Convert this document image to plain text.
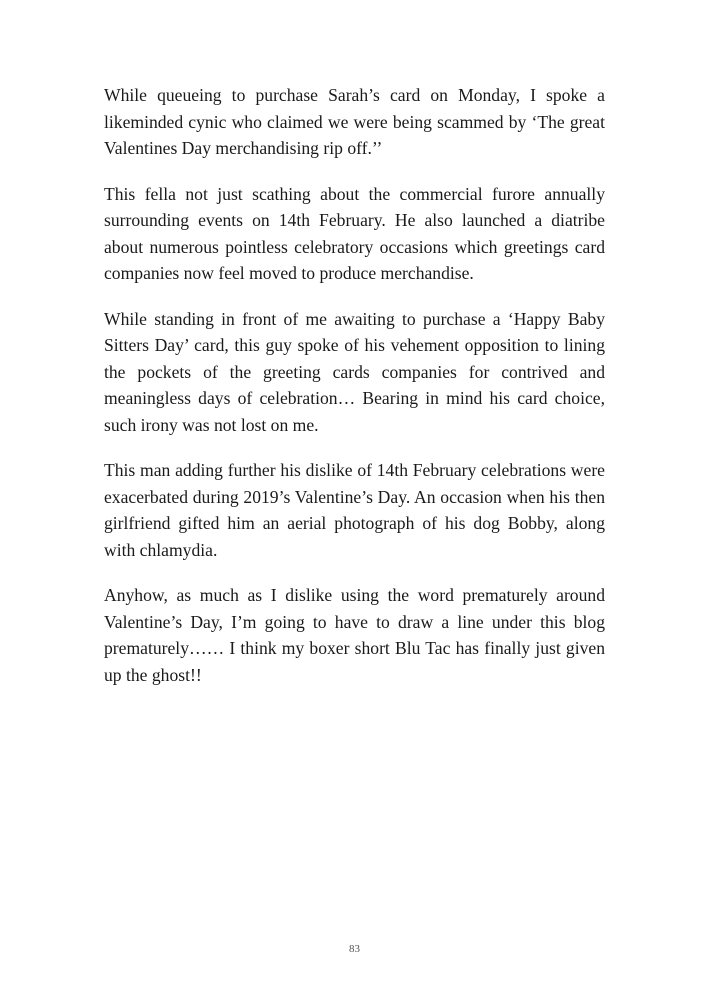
While queueing to purchase Sarah’s card on Monday, I spoke a likeminded cynic who claimed we were being scammed by ‘The great Valentines Day merchandising rip off.’’

This fella not just scathing about the commercial furore annually surrounding events on 14th February. He also launched a diatribe about numerous pointless celebratory occasions which greetings card companies now feel moved to produce merchandise.

While standing in front of me awaiting to purchase a ‘Happy Baby Sitters Day’ card, this guy spoke of his vehement opposition to lining the pockets of the greeting cards companies for contrived and meaningless days of celebration… Bearing in mind his card choice, such irony was not lost on me.

This man adding further his dislike of 14th February celebrations were exacerbated during 2019’s Valentine’s Day. An occasion when his then girlfriend gifted him an aerial photograph of his dog Bobby, along with chlamydia.

Anyhow, as much as I dislike using the word prematurely around Valentine’s Day, I’m going to have to draw a line under this blog prematurely…… I think my boxer short Blu Tac has finally just given up the ghost!!

83
